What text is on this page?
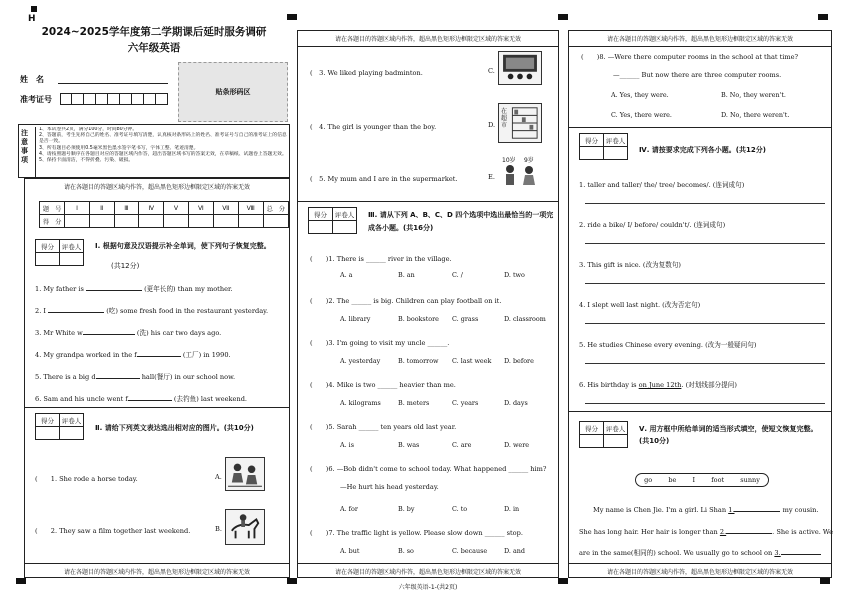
H
2024~2025学年度第二学期课后延时服务调研
六年级英语
姓　名
准考证号
贴条形码区
注意事项
1、本试卷共2页，满分100分，时间80分钟。
2、答题前，考生先将自己的姓名、准考证号填写清楚，认真核对条形码上的姓名、准考证号与自己的准考证上的信息是否一致。
3、所有题目必须使用0.5毫米黑色墨水签字笔书写，字体工整、笔迹清楚。
4、请按照题号顺序在各题目对应的答题区域内作答，超出答题区域书写的答案无效，在草稿纸、试题卷上答题无效。
5、保持卡面清洁，不得折叠、污染、破损。
请在各题目的答题区域内作答，超出黑色矩形边框限定区域的答案无效
题　号	Ⅰ	Ⅱ	Ⅲ	Ⅳ	Ⅴ	Ⅵ	Ⅶ	Ⅷ	总　分
得　分									
得分	评卷人
	Ⅰ. 根据句意及汉语提示补全单词，使下列句子恢复完整。
(共12分)
1. My father is	(更年长的) than my mother.
2. I	(吃) some fresh food in the restaurant yesterday.
3. Mr White w	(洗) his car two days ago.
4. My grandpa worked in the f	(工厂) in 1990.
5. There is a big d	hall(餐厅) in our school now.
6. Sam and his uncle went f	(去钓鱼) last weekend.
得分	评卷人

Ⅱ. 请给下列英文表达选出相对应的图片。(共10分)
(　　 1. She rode a horse today.	A.
(　　 2. They saw a film together last weekend.	B.
请在各题目的答题区域内作答，超出黑色矩形边框限定区域的答案无效
请在各题目的答题区域内作答，超出黑色矩形边框限定区域的答案无效
(　 3. We liked playing badminton.	C.
(　 4. The girl is younger than the boy.	D.
在超市
(　 5. My mum and I are in the supermarket.	E.
10岁 9岁
得分	评卷人
	Ⅲ. 请从下列 A、B、C、D 四个选项中选出最恰当的一项完成各小题。(共16分)
(　　)1. There is ______ river in the village.
A. a	B. an	C. /	D. two
(　　)2. The ______ is big. Children can play football on it.
A. library	B. bookstore C. grass	D. classroom
(　　)3. I'm going to visit my uncle ______.
A. yesterday	B. tomorrow C. last week D. before
(　　)4. Mike is two ______ heavier than me.
A. kilograms	B. meters	C. years	D. days
(　　)5. Sarah ______ ten years old last year.
A. is	B. was	C. are	D. were
(　　)6. —Bob didn't come to school today. What happened ______ him?
—He hurt his head yesterday.
A. for	B. by	C. to	D. in
(　　)7. The traffic light is yellow. Please slow down ______ stop.
A. but	B. so	C. because	D. and
请在各题目的答题区域内作答，超出黑色矩形边框限定区域的答案无效
六年级英语-1-(共2页)
请在各题目的答题区域内作答，超出黑色矩形边框限定区域的答案无效
(　　)8. —Were there computer rooms in the school at that time?
—______ But now there are three computer rooms.
A. Yes, they were.	B. No, they weren't.
C. Yes, there were.	D. No, there weren't.
得分	评卷人

Ⅳ. 请按要求完成下列各小题。(共12分)
1. taller and taller/ the/ tree/ becomes/. (连词成句)
2. ride a bike/ I/ before/ couldn't/. (连词成句)
3. This gift is nice. (改为复数句)
4. I slept well last night. (改为否定句)
5. He studies Chinese every evening. (改为一般疑问句)
6. His birthday is on June 12th. (对划线部分提问)
得分	评卷人
	Ⅴ. 用方框中所给单词的适当形式填空，使短文恢复完整。(共10分)
go be I foot sunny
My name is Chen Jie. I'm a girl. Li Shan 1.	my cousin.
She has long hair. Her hair is longer than 2.	. She is active. We
are in the same(相同的) school. We usually go to school on 3.
请在各题目的答题区域内作答，超出黑色矩形边框限定区域的答案无效
